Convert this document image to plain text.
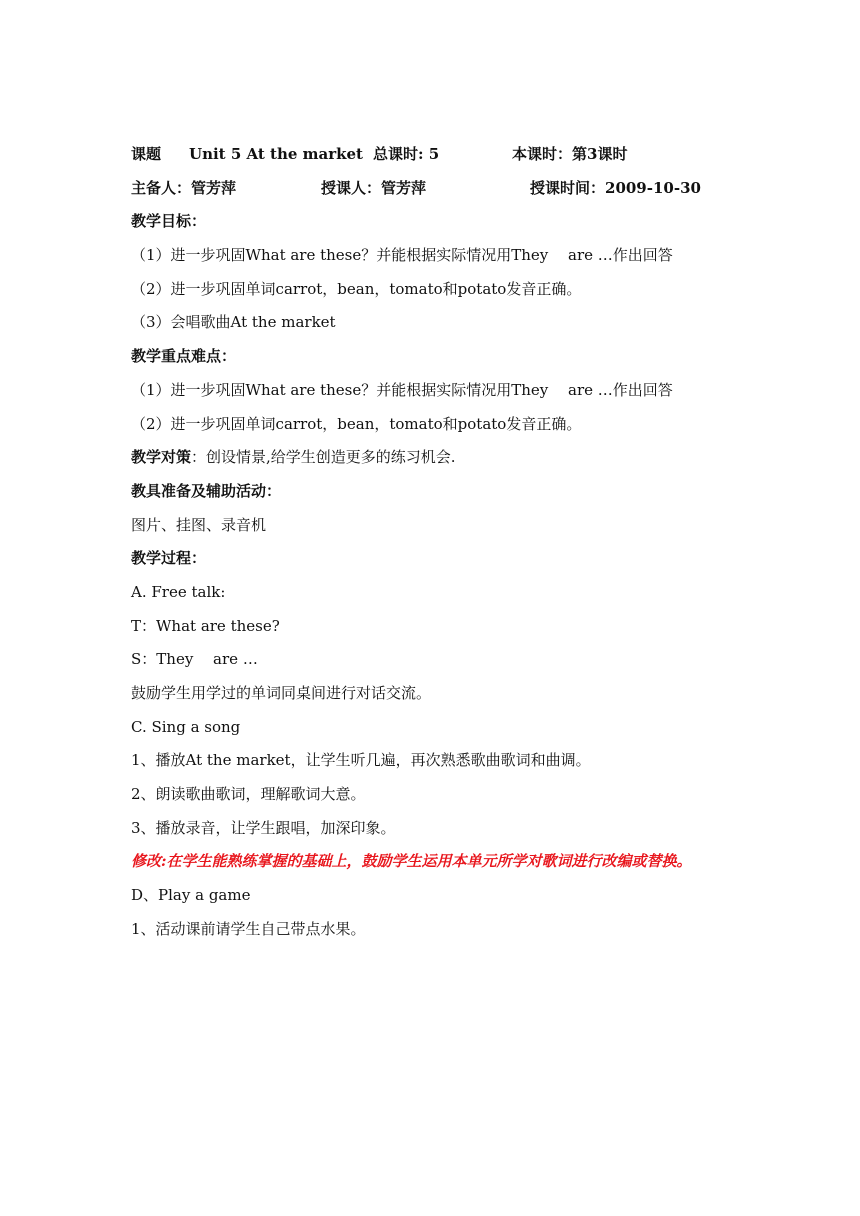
课题	Unit 5 At the market 总课时: 5	本课时：第3课时
主备人：管芳萍	授课人：管芳萍	授课时间：2009-10-30
教学目标：
（1）进一步巩固What are these？并能根据实际情况用They　 are …作出回答
（2）进一步巩固单词carrot，bean，tomato和potato发音正确。
（3）会唱歌曲At the market
教学重点难点：
（1）进一步巩固What are these？并能根据实际情况用They　 are …作出回答
（2）进一步巩固单词carrot，bean，tomato和potato发音正确。
教学对策：创设情景,给学生创造更多的练习机会.
教具准备及辅助活动：
图片、挂图、录音机
教学过程：
A. Free talk:
T：What are these?
S：They　 are …
鼓励学生用学过的单词同桌间进行对话交流。
C. Sing a song
1、播放At the market，让学生听几遍，再次熟悉歌曲歌词和曲调。
2、朗读歌曲歌词，理解歌词大意。
3、播放录音，让学生跟唱，加深印象。
修改:在学生能熟练掌握的基础上，鼓励学生运用本单元所学对歌词进行改编或替换。
D、Play a game
1、活动课前请学生自己带点水果。
